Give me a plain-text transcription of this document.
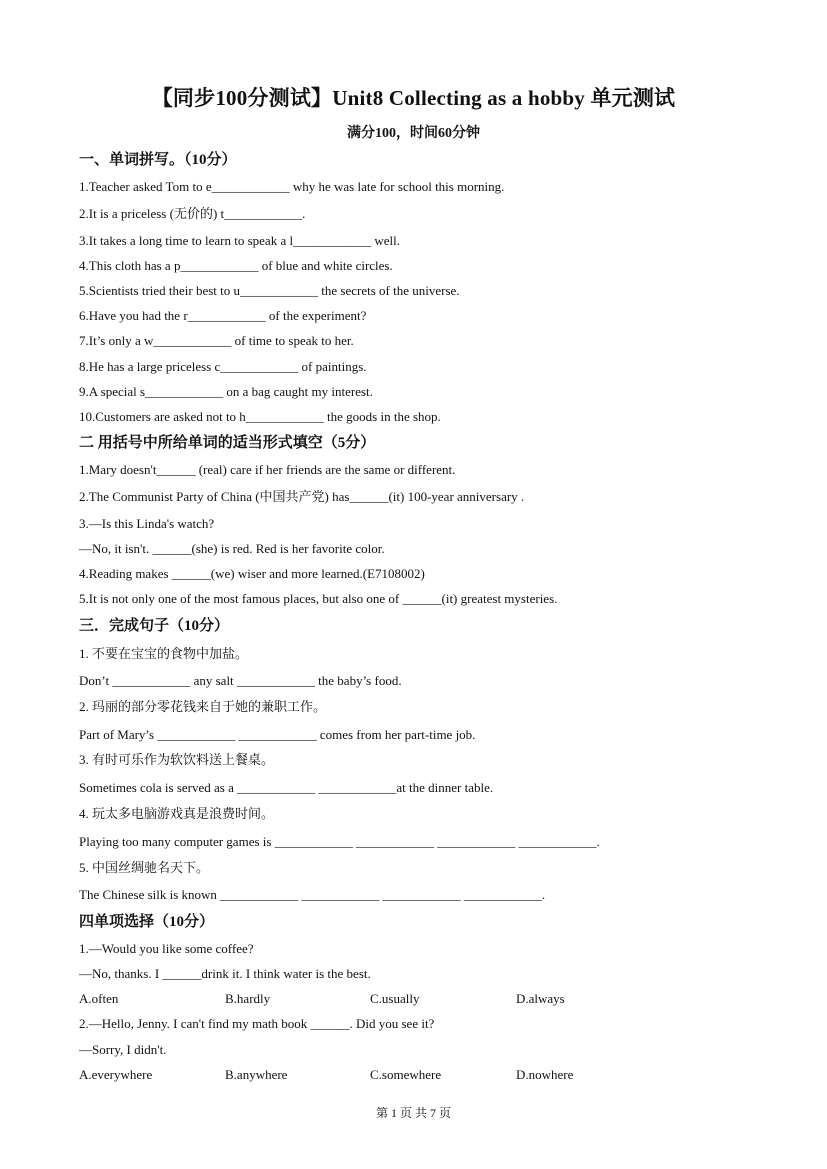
【同步100分测试】Unit8 Collecting as a hobby 单元测试
满分100，时间60分钟
一、单词拼写。（10分）
1.Teacher asked Tom to e____________ why he was late for school this morning.
2.It is a priceless (无价的) t____________.
3.It takes a long time to learn to speak a l____________ well.
4.This cloth has a p____________ of blue and white circles.
5.Scientists tried their best to u____________ the secrets of the universe.
6.Have you had the r____________ of the experiment?
7.It’s only a w____________ of time to speak to her.
8.He has a large priceless c____________ of paintings.
9.A special s____________ on a bag caught my interest.
10.Customers are asked not to h____________ the goods in the shop.
二 用括号中所给单词的适当形式填空（5分）
1.Mary doesn't______ (real) care if her friends are the same or different.
2.The Communist Party of China (中国共产党) has______(it) 100-year anniversary .
3.—Is this Linda's watch?
—No, it isn't. ______(she) is red. Red is her favorite color.
4.Reading makes ______(we) wiser and more learned.(E7108002)
5.It is not only one of the most famous places, but also one of ______(it) greatest mysteries.
三．完成句子（10分）
1. 不要在宝宝的食物中加盐。
Don’t ____________ any salt ____________ the baby’s food.
2. 玛丽的部分零花钱来自于她的兼职工作。
Part of Mary’s ____________ ____________ comes from her part-time job.
3. 有时可乐作为软饮料送上餐桌。
Sometimes cola is served as a ____________ ____________at the dinner table.
4. 玩太多电脑游戏真是浪费时间。
Playing too many computer games is ____________ ____________ ____________ ____________.
5. 中国丝绸驰名天下。
The Chinese silk is known ____________ ____________ ____________ ____________.
四单项选择（10分）
1.—Would you like some coffee?
—No, thanks. I ______drink it. I think water is the best.
A.often	B.hardly	C.usually	D.always
2.—Hello, Jenny. I can't find my math book ______. Did you see it?
—Sorry, I didn't.
A.everywhere	B.anywhere	C.somewhere	D.nowhere
第 1 页 共 7 页
